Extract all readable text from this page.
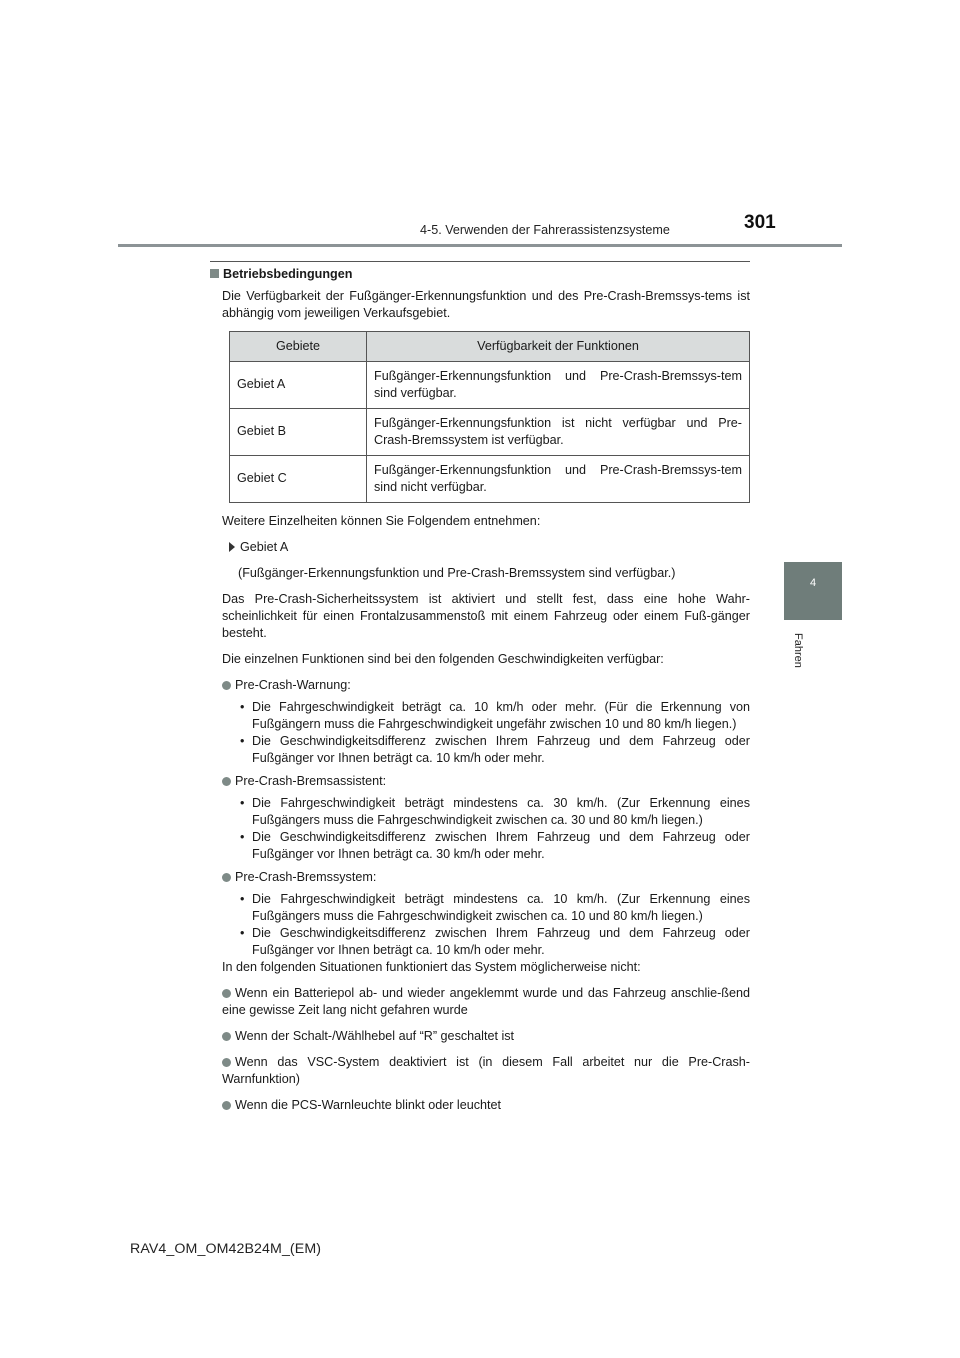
4-5. Verwenden der Fahrerassistenzsysteme	301
4
Fahren
Betriebsbedingungen

Die Verfügbarkeit der Fußgänger-Erkennungsfunktion und des Pre-Crash-Bremssys-tems ist abhängig vom jeweiligen Verkaufsgebiet.

Gebiete	Verfügbarkeit der Funktionen
Gebiet A	Fußgänger-Erkennungsfunktion und Pre-Crash-Bremssys-tem sind verfügbar.
Gebiet B	Fußgänger-Erkennungsfunktion ist nicht verfügbar und Pre-Crash-Bremssystem ist verfügbar.
Gebiet C	Fußgänger-Erkennungsfunktion und Pre-Crash-Bremssys-tem sind nicht verfügbar.

Weitere Einzelheiten können Sie Folgendem entnehmen:

Gebiet A

(Fußgänger-Erkennungsfunktion und Pre-Crash-Bremssystem sind verfügbar.)

Das Pre-Crash-Sicherheitssystem ist aktiviert und stellt fest, dass eine hohe Wahr-scheinlichkeit für einen Frontalzusammenstoß mit einem Fahrzeug oder einem Fuß-gänger besteht.

Die einzelnen Funktionen sind bei den folgenden Geschwindigkeiten verfügbar:

Pre-Crash-Warnung:

• Die Fahrgeschwindigkeit beträgt ca. 10 km/h oder mehr. (Für die Erkennung von Fußgängern muss die Fahrgeschwindigkeit ungefähr zwischen 10 und 80 km/h liegen.)

• Die Geschwindigkeitsdifferenz zwischen Ihrem Fahrzeug und dem Fahrzeug oder Fußgänger vor Ihnen beträgt ca. 10 km/h oder mehr.

Pre-Crash-Bremsassistent:

• Die Fahrgeschwindigkeit beträgt mindestens ca. 30 km/h. (Zur Erkennung eines Fußgängers muss die Fahrgeschwindigkeit zwischen ca. 30 und 80 km/h liegen.)

• Die Geschwindigkeitsdifferenz zwischen Ihrem Fahrzeug und dem Fahrzeug oder Fußgänger vor Ihnen beträgt ca. 30 km/h oder mehr.

Pre-Crash-Bremssystem:

• Die Fahrgeschwindigkeit beträgt mindestens ca. 10 km/h. (Zur Erkennung eines Fußgängers muss die Fahrgeschwindigkeit zwischen ca. 10 und 80 km/h liegen.)

• Die Geschwindigkeitsdifferenz zwischen Ihrem Fahrzeug und dem Fahrzeug oder Fußgänger vor Ihnen beträgt ca. 10 km/h oder mehr.

In den folgenden Situationen funktioniert das System möglicherweise nicht:

Wenn ein Batteriepol ab- und wieder angeklemmt wurde und das Fahrzeug anschlie-ßend eine gewisse Zeit lang nicht gefahren wurde
Wenn der Schalt-/Wählhebel auf “R” geschaltet ist
Wenn das VSC-System deaktiviert ist (in diesem Fall arbeitet nur die Pre-Crash-Warnfunktion)
Wenn die PCS-Warnleuchte blinkt oder leuchtet
RAV4_OM_OM42B24M_(EM)
